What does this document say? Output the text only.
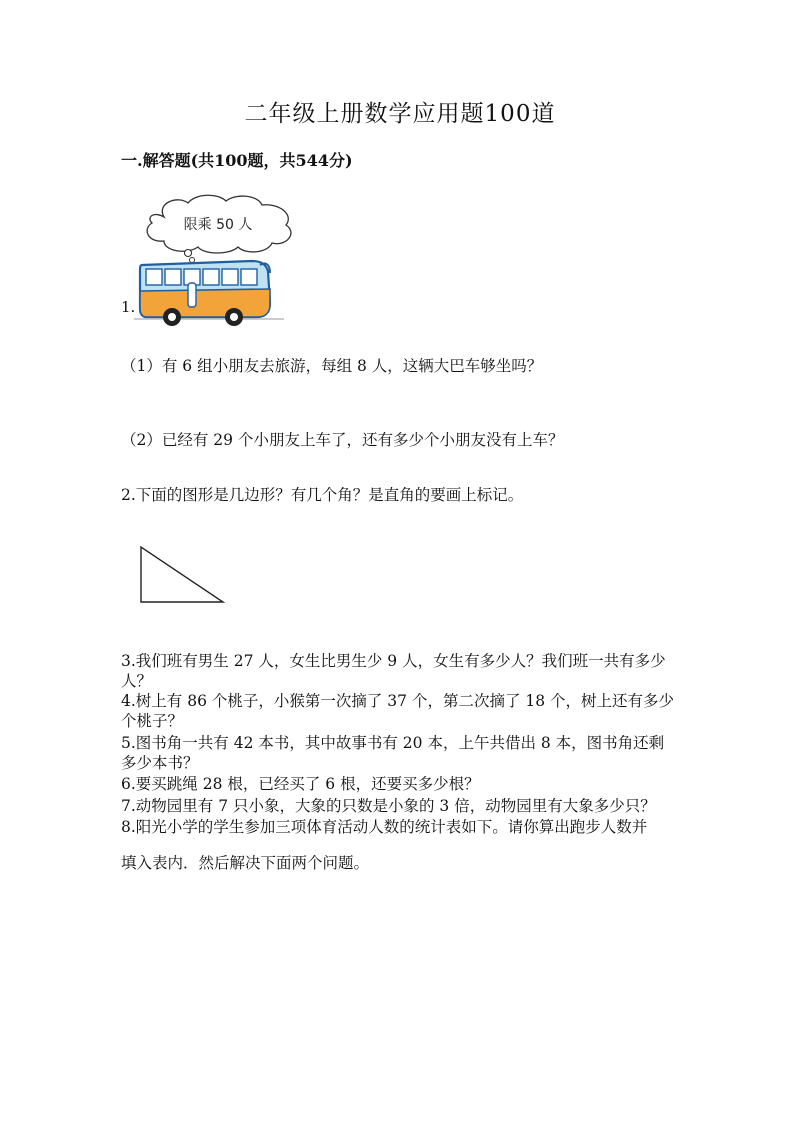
二年级上册数学应用题100道
一.解答题(共100题，共544分)
1.
限乘 50 人
（1）有 6 组小朋友去旅游，每组 8 人，这辆大巴车够坐吗？
（2）已经有 29 个小朋友上车了，还有多少个小朋友没有上车？
2.下面的图形是几边形？有几个角？是直角的要画上标记。
3.我们班有男生 27 人，女生比男生少 9 人，女生有多少人？我们班一共有多少
人？
4.树上有 86 个桃子，小猴第一次摘了 37 个，第二次摘了 18 个，树上还有多少
个桃子？
5.图书角一共有 42 本书，其中故事书有 20 本，上午共借出 8 本，图书角还剩
多少本书？
6.要买跳绳 28 根，已经买了 6 根，还要买多少根？
7.动物园里有 7 只小象，大象的只数是小象的 3 倍，动物园里有大象多少只？
8.阳光小学的学生参加三项体育活动人数的统计表如下。请你算出跑步人数并
填入表内．然后解决下面两个问题。
